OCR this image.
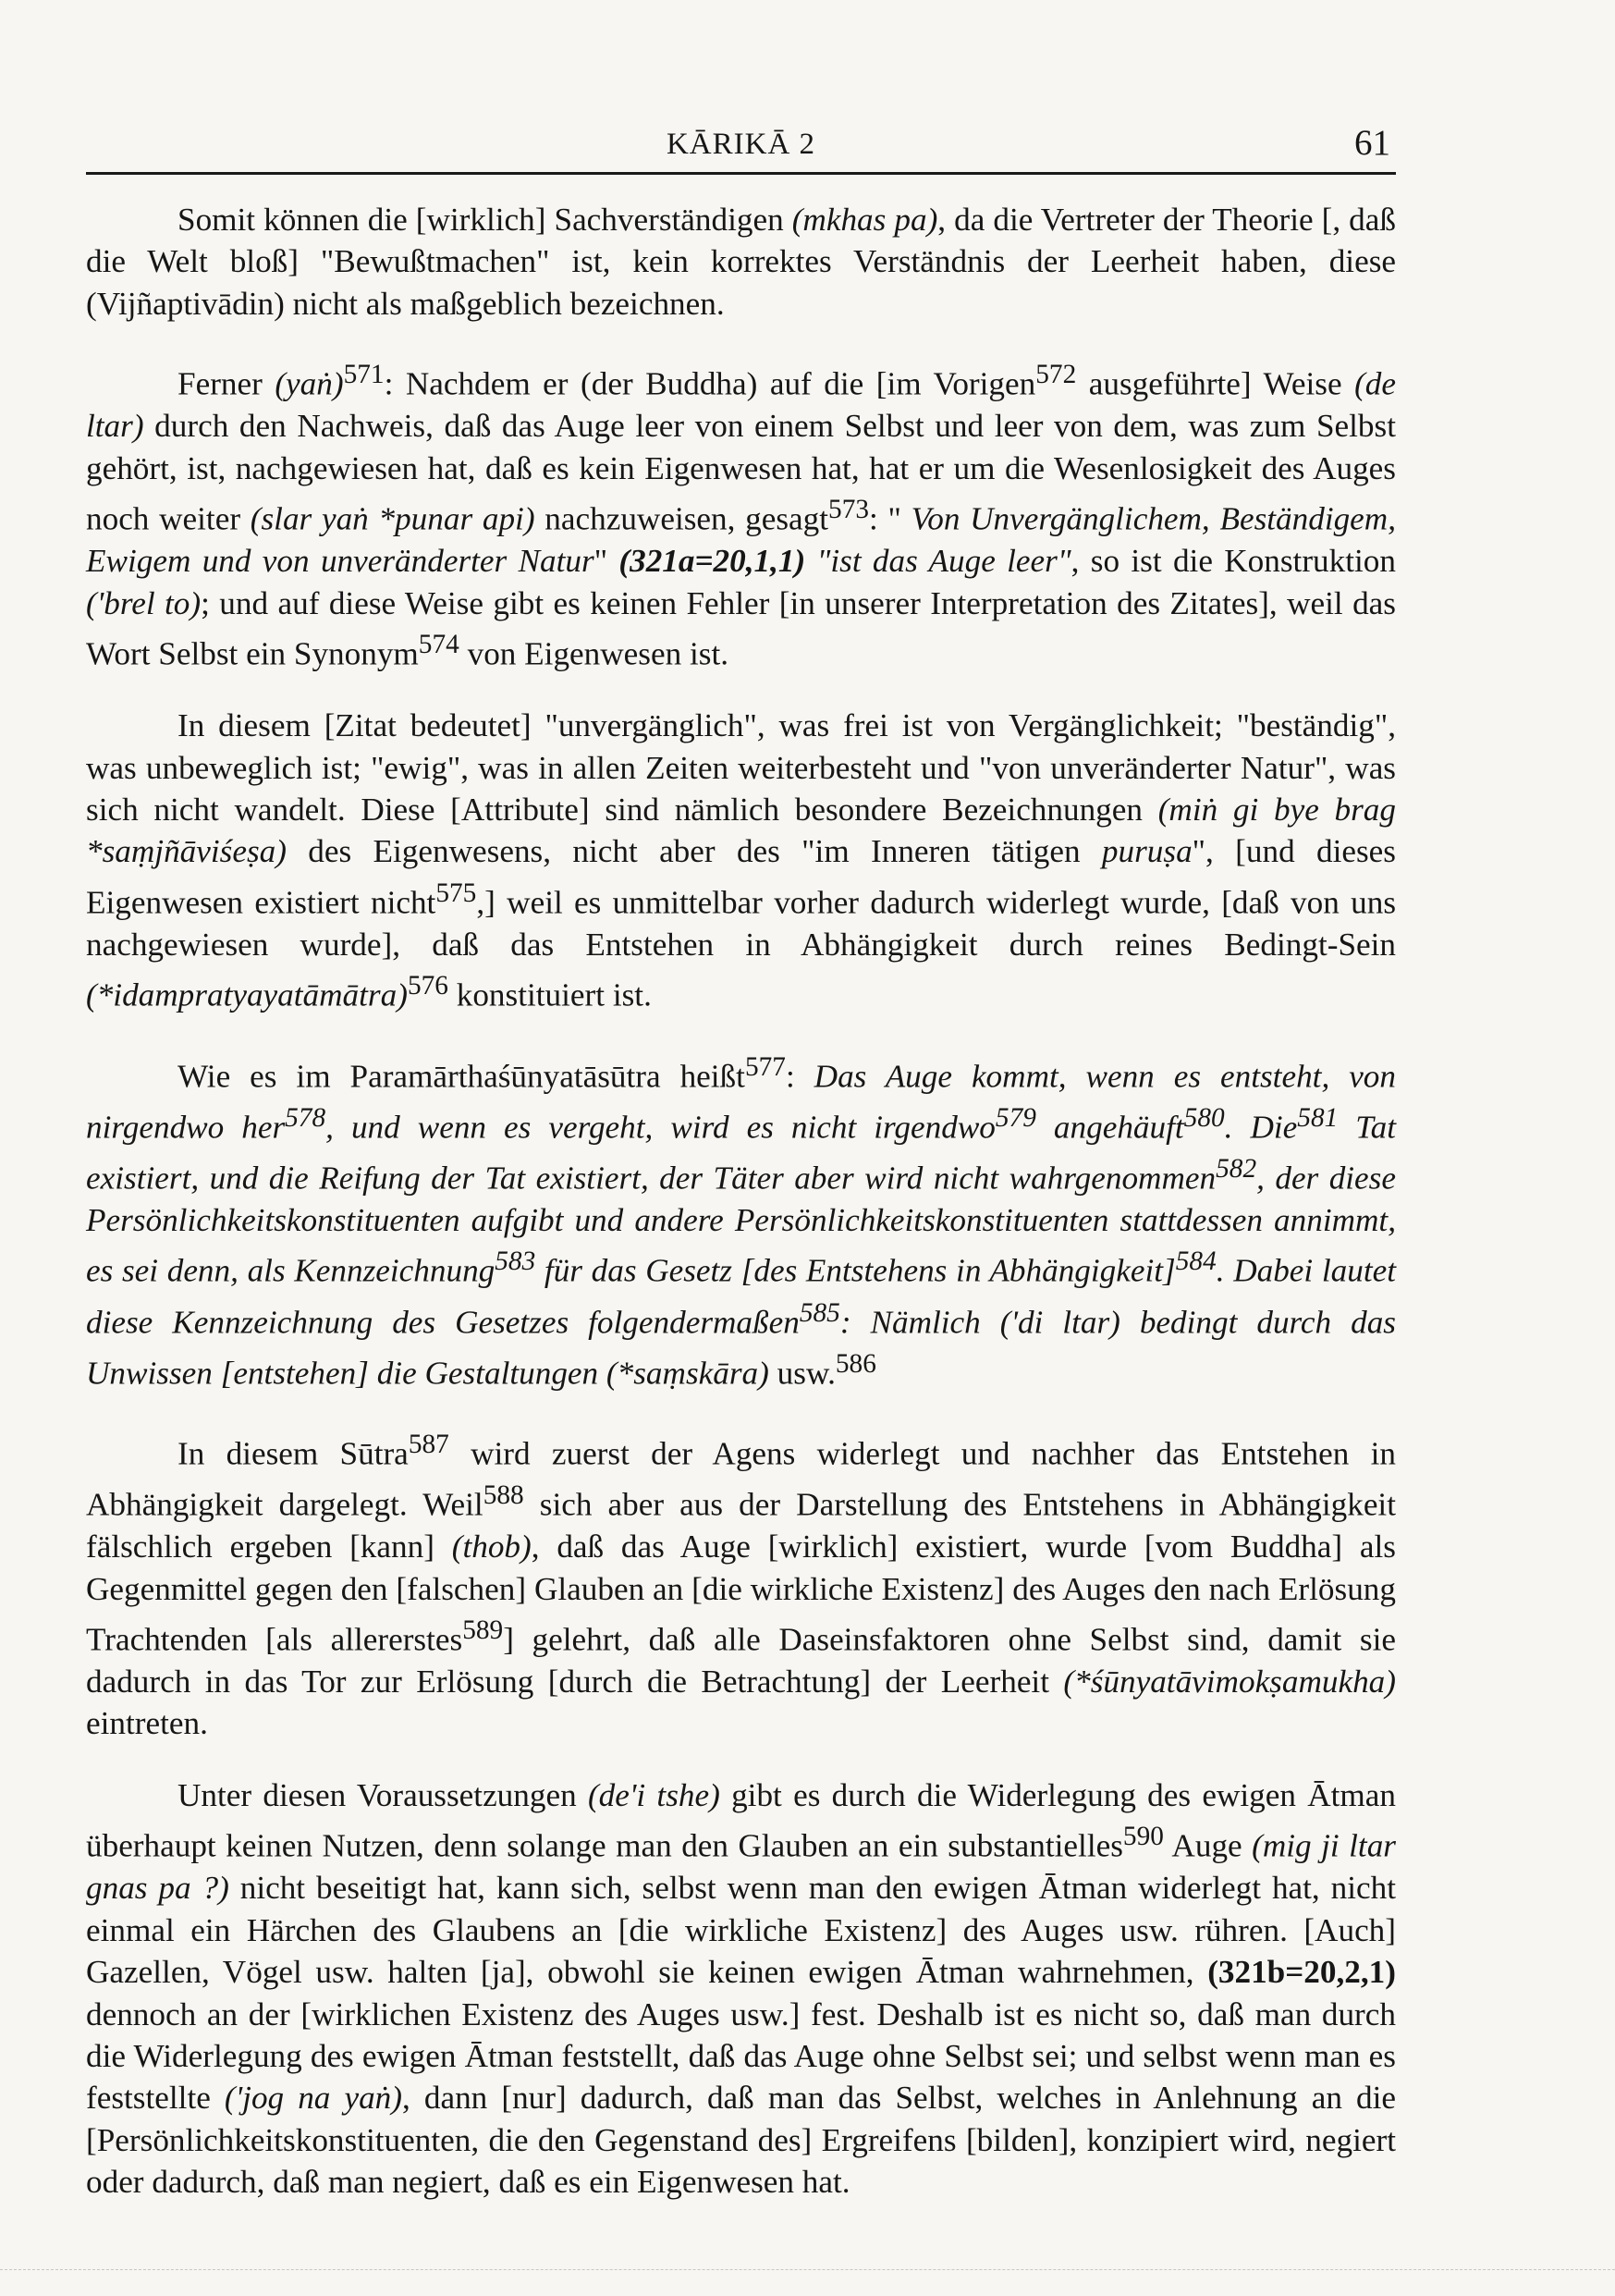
KĀRIKĀ 2	61

Somit können die [wirklich] Sachverständigen (mkhas pa), da die Vertreter der Theorie [, daß die Welt bloß] "Bewußtmachen" ist, kein korrektes Verständnis der Leerheit haben, diese (Vijñaptivādin) nicht als maßgeblich bezeichnen.

Ferner (yaṅ)$^{571}$: Nachdem er (der Buddha) auf die [im Vorigen$^{572}$ ausgeführte] Weise (de ltar) durch den Nachweis, daß das Auge leer von einem Selbst und leer von dem, was zum Selbst gehört, ist, nachgewiesen hat, daß es kein Eigenwesen hat, hat er um die Wesenlosigkeit des Auges noch weiter (slar yaṅ *punar api) nachzuweisen, gesagt$^{573}$: " Von Unvergänglichem, Beständigem, Ewigem und von unveränderter Natur" (321a=20,1,1) "ist das Auge leer", so ist die Konstruktion ('brel to); und auf diese Weise gibt es keinen Fehler [in unserer Interpretation des Zitates], weil das Wort Selbst ein Synonym$^{574}$ von Eigenwesen ist.

In diesem [Zitat bedeutet] "unvergänglich", was frei ist von Vergänglichkeit; "beständig", was unbeweglich ist; "ewig", was in allen Zeiten weiterbesteht und "von unveränderter Natur", was sich nicht wandelt. Diese [Attribute] sind nämlich besondere Bezeichnungen (miṅ gi bye brag *saṃjñāviśeṣa) des Eigenwesens, nicht aber des "im Inneren tätigen puruṣa", [und dieses Eigenwesen existiert nicht$^{575}$,] weil es unmittelbar vorher dadurch widerlegt wurde, [daß von uns nachgewiesen wurde], daß das Entstehen in Abhängigkeit durch reines Bedingt-Sein (*idampratyayatāmātra)$^{576}$ konstituiert ist.

Wie es im Paramārthaśūnyatāsūtra heißt$^{577}$: Das Auge kommt, wenn es entsteht, von nirgendwo her$^{578}$, und wenn es vergeht, wird es nicht irgendwo$^{579}$ angehäuft$^{580}$. Die$^{581}$ Tat existiert, und die Reifung der Tat existiert, der Täter aber wird nicht wahrgenommen$^{582}$, der diese Persönlichkeitskonstituenten aufgibt und andere Persönlichkeitskonstituenten stattdessen annimmt, es sei denn, als Kennzeichnung$^{583}$ für das Gesetz [des Entstehens in Abhängigkeit]$^{584}$. Dabei lautet diese Kennzeichnung des Gesetzes folgendermaßen$^{585}$: Nämlich ('di ltar) bedingt durch das Unwissen [entstehen] die Gestaltungen (*saṃskāra) usw.$^{586}$

In diesem Sūtra$^{587}$ wird zuerst der Agens widerlegt und nachher das Entstehen in Abhängigkeit dargelegt. Weil$^{588}$ sich aber aus der Darstellung des Entstehens in Abhängigkeit fälschlich ergeben [kann] (thob), daß das Auge [wirklich] existiert, wurde [vom Buddha] als Gegenmittel gegen den [falschen] Glauben an [die wirkliche Existenz] des Auges den nach Erlösung Trachtenden [als allererstes$^{589}$] gelehrt, daß alle Daseinsfaktoren ohne Selbst sind, damit sie dadurch in das Tor zur Erlösung [durch die Betrachtung] der Leerheit (*śūnyatāvimokṣamukha) eintreten.

Unter diesen Voraussetzungen (de'i tshe) gibt es durch die Widerlegung des ewigen Ātman überhaupt keinen Nutzen, denn solange man den Glauben an ein substantielles$^{590}$ Auge (mig ji ltar gnas pa ?) nicht beseitigt hat, kann sich, selbst wenn man den ewigen Ātman widerlegt hat, nicht einmal ein Härchen des Glaubens an [die wirkliche Existenz] des Auges usw. rühren. [Auch] Gazellen, Vögel usw. halten [ja], obwohl sie keinen ewigen Ātman wahrnehmen, (321b=20,2,1) dennoch an der [wirklichen Existenz des Auges usw.] fest. Deshalb ist es nicht so, daß man durch die Widerlegung des ewigen Ātman feststellt, daß das Auge ohne Selbst sei; und selbst wenn man es feststellte ('jog na yaṅ), dann [nur] dadurch, daß man das Selbst, welches in Anlehnung an die [Persönlichkeitskonstituenten, die den Gegenstand des] Ergreifens [bilden], konzipiert wird, negiert oder dadurch, daß man negiert, daß es ein Eigenwesen hat.
